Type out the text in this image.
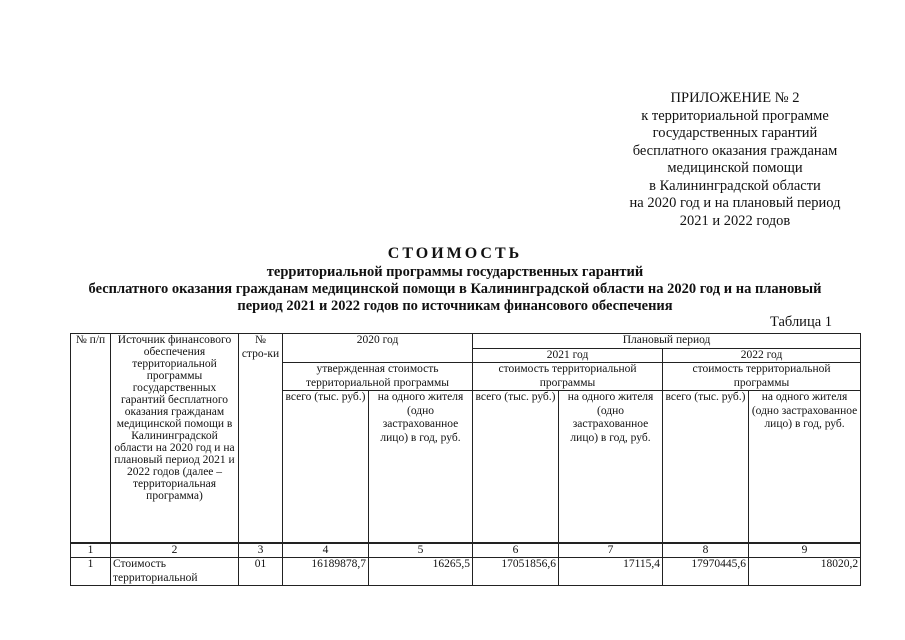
ПРИЛОЖЕНИЕ № 2
к территориальной программе
государственных гарантий
бесплатного оказания гражданам
медицинской помощи
в Калининградской области
на 2020 год и на плановый период
2021 и 2022 годов
СТОИМОСТЬ
территориальной программы государственных гарантий
бесплатного оказания гражданам медицинской помощи в Калининградской области на 2020 год и на плановый
период 2021 и 2022 годов по источникам финансового обеспечения
Таблица 1
№ п/п	Источник финансового обеспечения территориальной программы государственных гарантий бесплатного оказания гражданам медицинской помощи в Калининградской области на 2020 год и на плановый период 2021 и 2022 годов (далее – территориальная программа)	№ стро-ки	2020 год		Плановый период			
					2021 год		2022 год	
			утвержденная стоимость территориальной программы		стоимость территориальной программы		стоимость территориальной программы	
			всего (тыс. руб.)	на одного жителя (одно застрахованное лицо) в год, руб.	всего (тыс. руб.)	на одного жителя (одно застрахованное лицо) в год, руб.	всего (тыс. руб.)	на одного жителя (одно застрахованное лицо) в год, руб.
1	2	3	4	5	6	7	8	9
1	Стоимость территориальной	01	16189878,7	16265,5	17051856,6	17115,4	17970445,6	18020,2
